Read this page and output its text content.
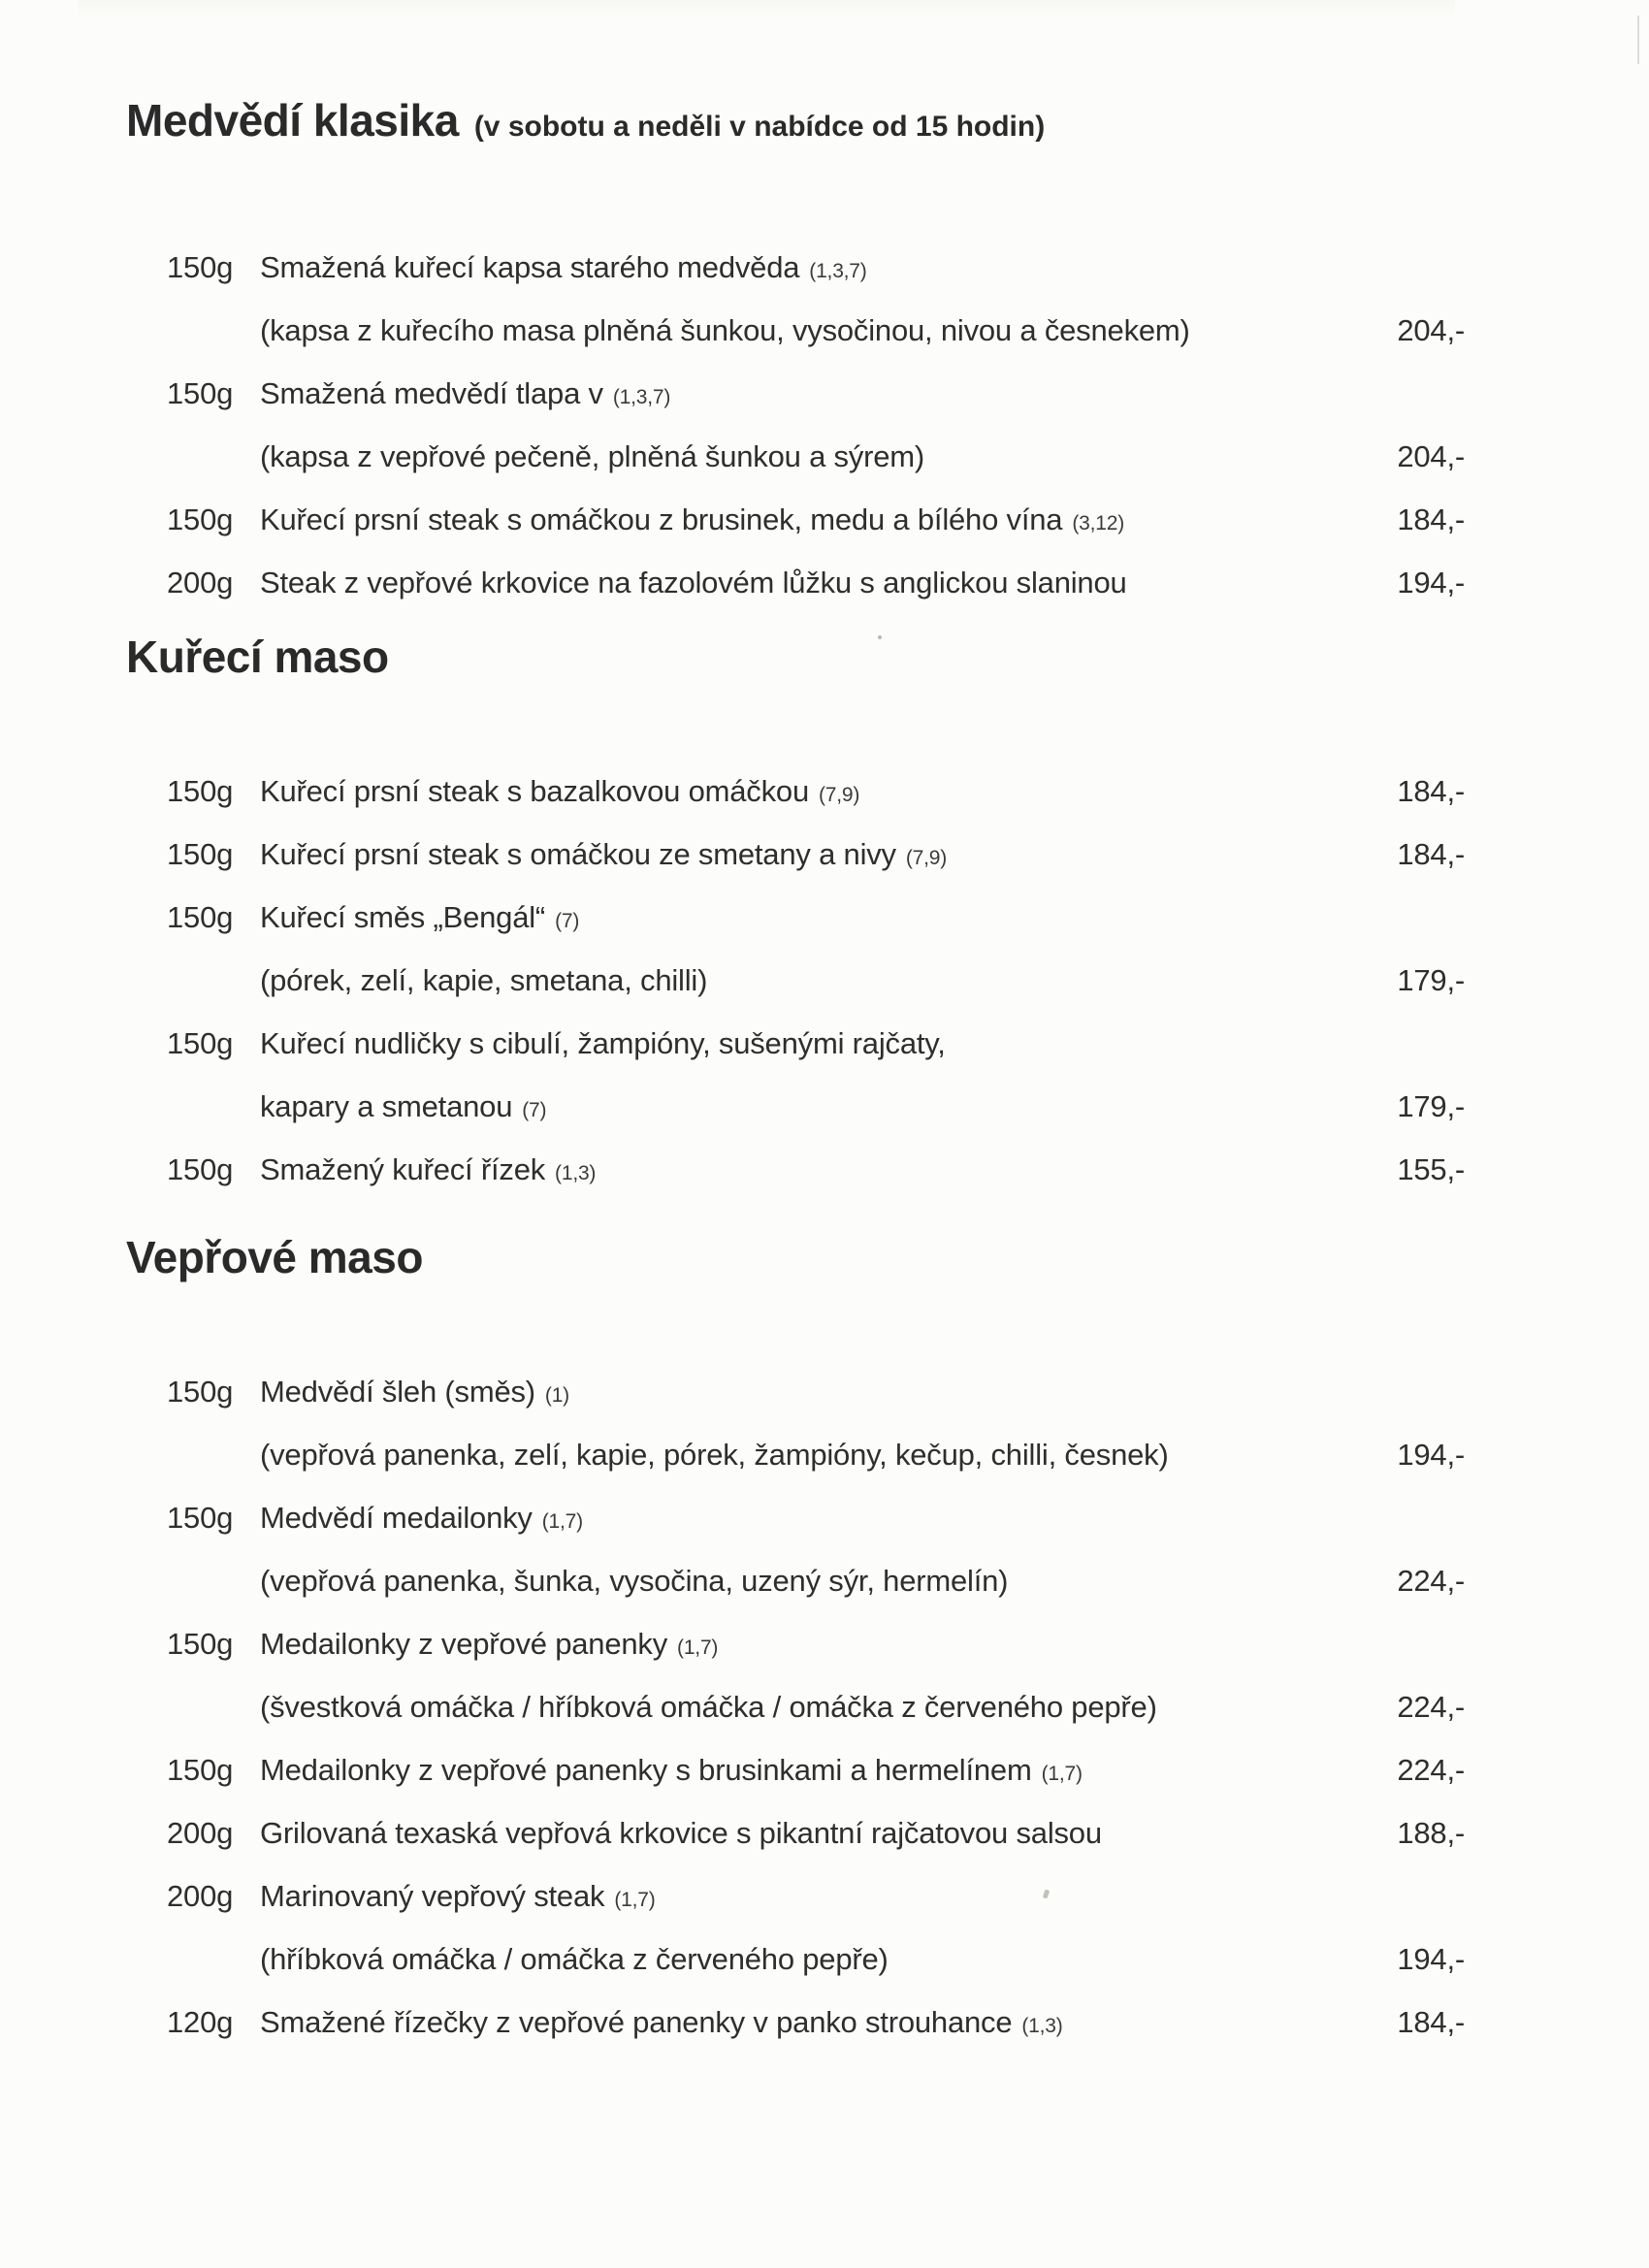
Medvědí klasika (v sobotu a neděli v nabídce od 15 hodin)
150g Smažená kuřecí kapsa starého medvěda (1,3,7)
(kapsa z kuřecího masa plněná šunkou, vysočinou, nivou a česnekem)	204,-
150g Smažená medvědí tlapa v (1,3,7)
(kapsa z vepřové pečeně, plněná šunkou a sýrem)	204,-
150g Kuřecí prsní steak s omáčkou z brusinek, medu a bílého vína (3,12)	184,-
200g Steak z vepřové krkovice na fazolovém lůžku s anglickou slaninou	194,-
Kuřecí maso
150g Kuřecí prsní steak s bazalkovou omáčkou (7,9)	184,-
150g Kuřecí prsní steak s omáčkou ze smetany a nivy (7,9)	184,-
150g Kuřecí směs „Bengál“ (7)
(pórek, zelí, kapie, smetana, chilli)	179,-
150g Kuřecí nudličky s cibulí, žampióny, sušenými rajčaty,
kapary a smetanou (7)	179,-
150g Smažený kuřecí řízek (1,3)	155,-
Vepřové maso
150g Medvědí šleh (směs) (1)
(vepřová panenka, zelí, kapie, pórek, žampióny, kečup, chilli, česnek)	194,-
150g Medvědí medailonky (1,7)
(vepřová panenka, šunka, vysočina, uzený sýr, hermelín)	224,-
150g Medailonky z vepřové panenky (1,7)
(švestková omáčka / hříbková omáčka / omáčka z červeného pepře)	224,-
150g Medailonky z vepřové panenky s brusinkami a hermelínem (1,7)	224,-
200g Grilovaná texaská vepřová krkovice s pikantní rajčatovou salsou	188,-
200g Marinovaný vepřový steak (1,7)
(hříbková omáčka / omáčka z červeného pepře)	194,-
120g Smažené řízečky z vepřové panenky v panko strouhance (1,3)	184,-
